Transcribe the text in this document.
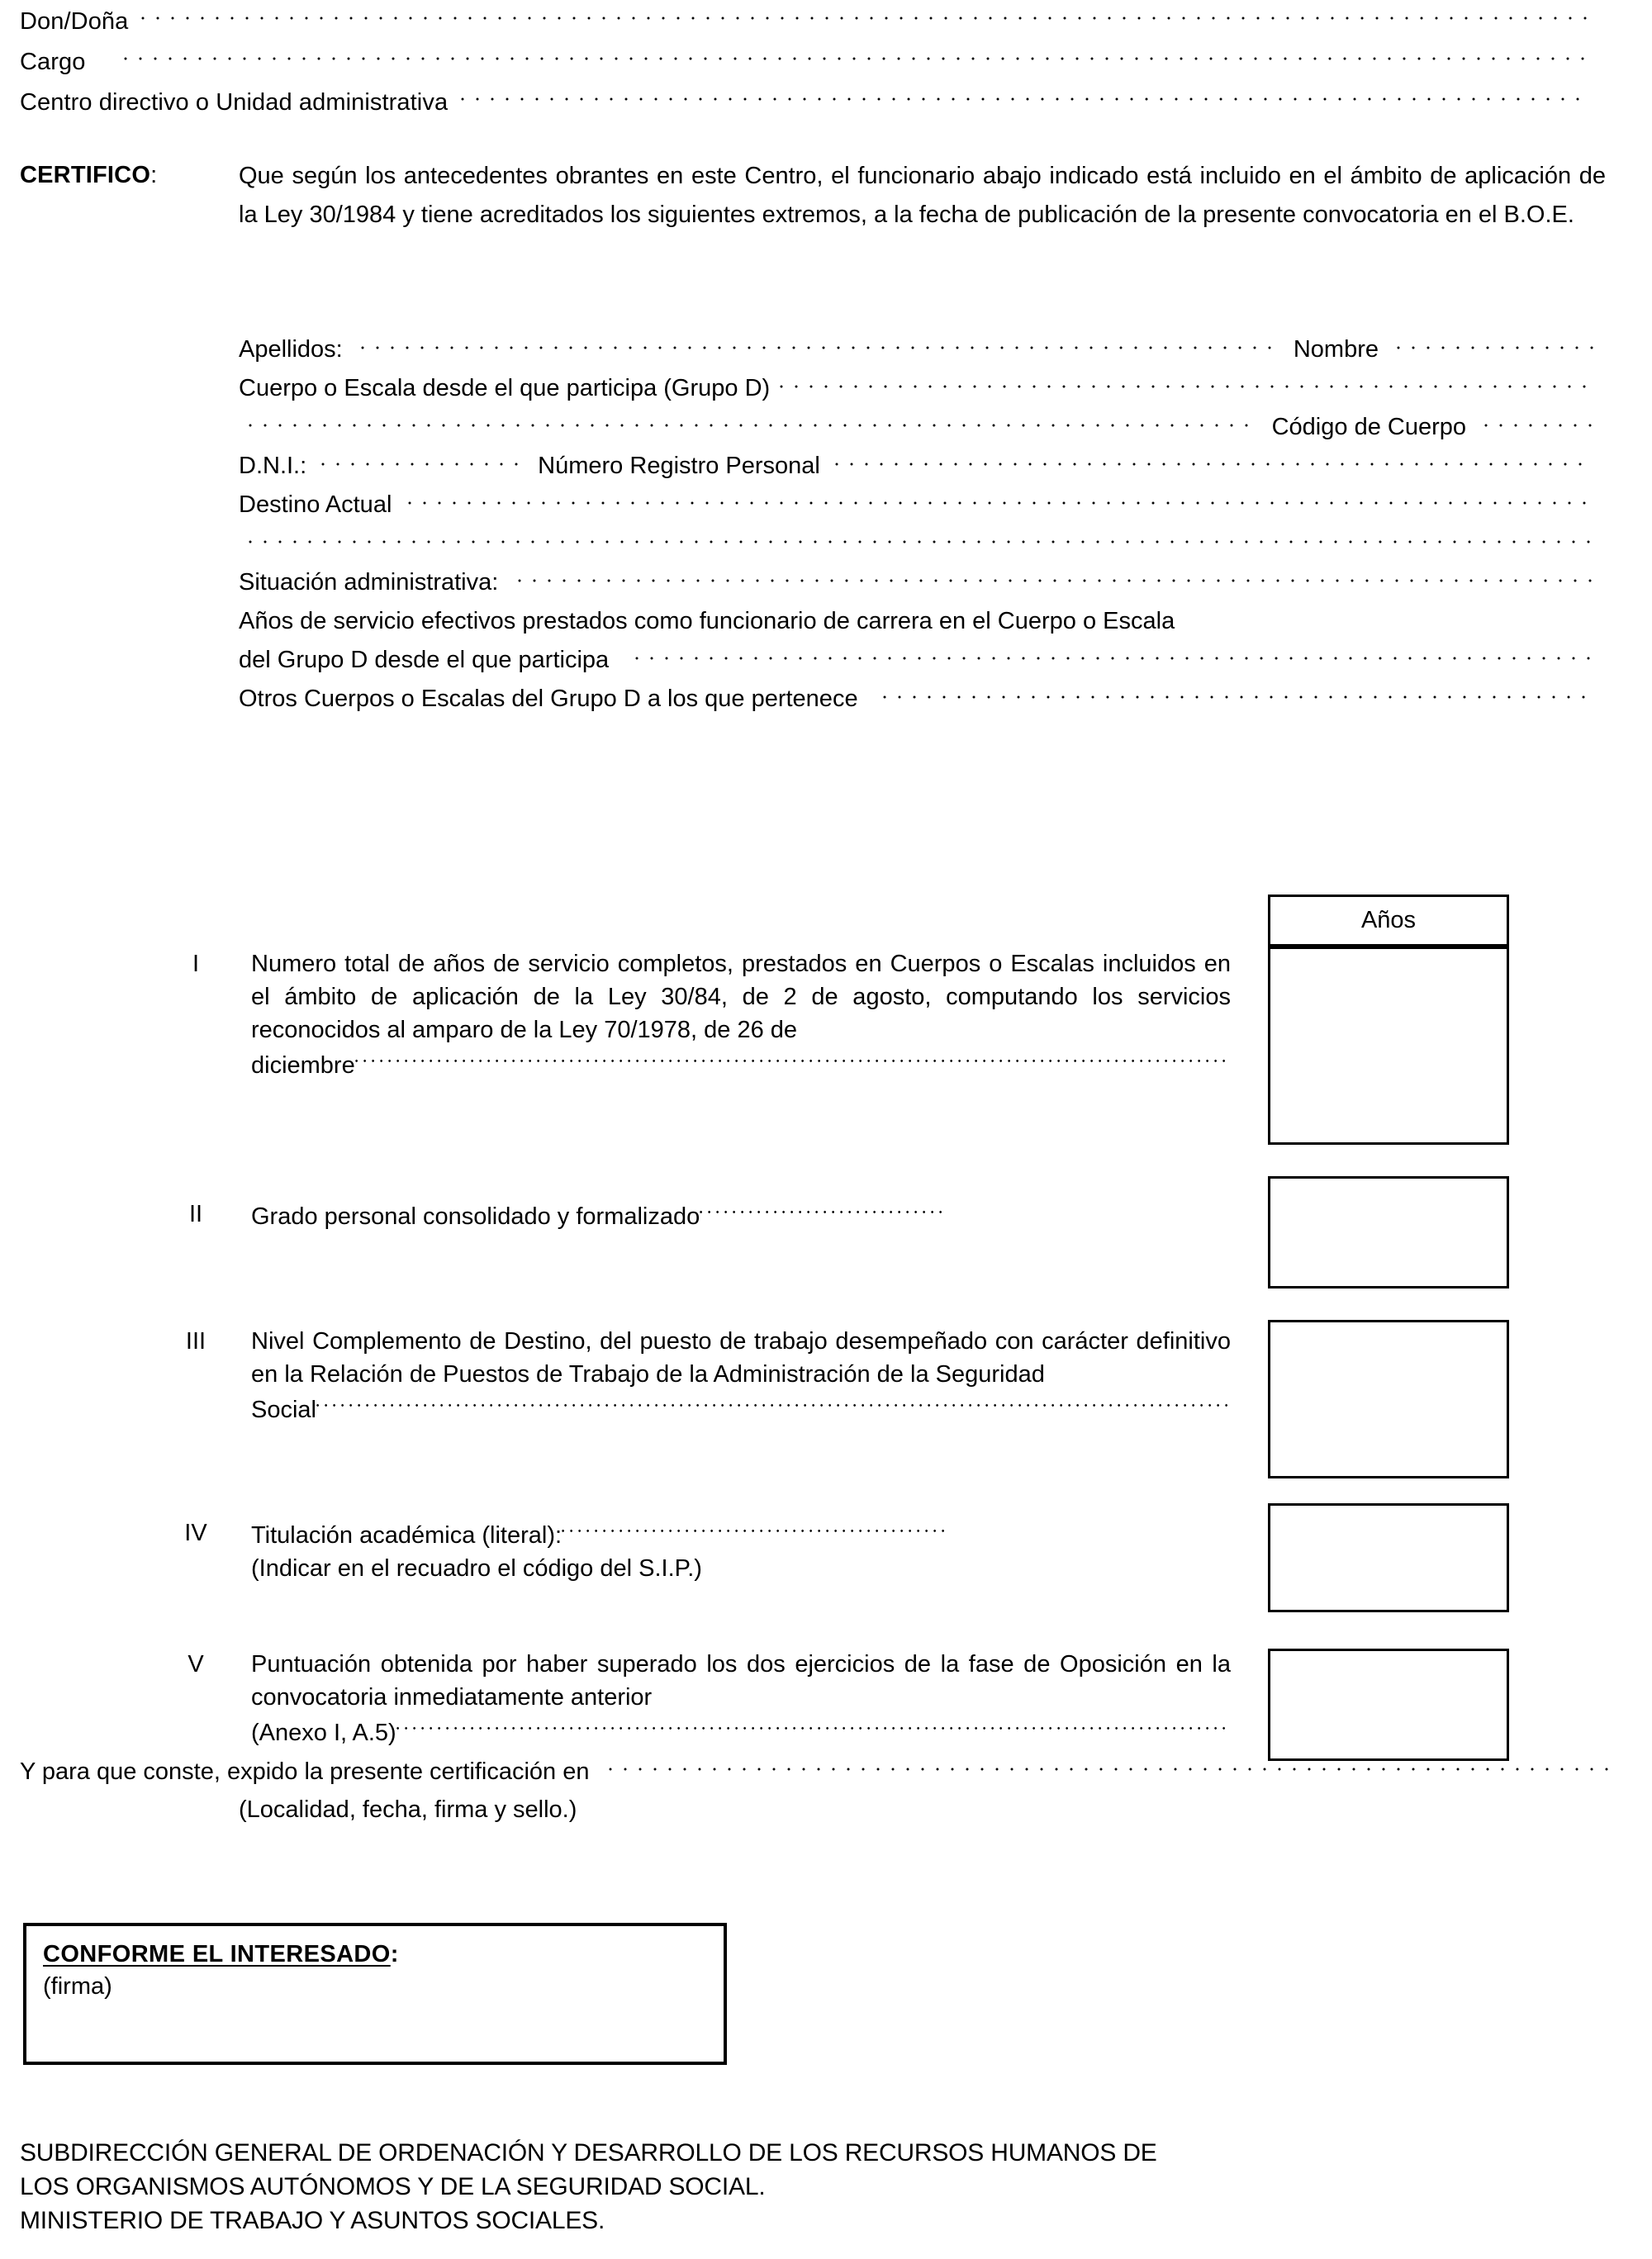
Don/Doña
Cargo
Centro directivo o Unidad administrativa
CERTIFICO:	Que según los antecedentes obrantes en este Centro, el funcionario abajo indicado está incluido en el ámbito de aplicación de la Ley 30/1984 y tiene acreditados los siguientes extremos, a la fecha de publicación de la presente convocatoria en el B.O.E.

Apellidos:	Nombre
Cuerpo o Escala desde el que participa (Grupo D)
Código de Cuerpo
D.N.I.:	Número Registro Personal
Destino Actual
Situación administrativa:
Años de servicio efectivos prestados como funcionario de carrera en el Cuerpo o Escala
del Grupo D desde el que participa
Otros Cuerpos o Escalas del Grupo D a los que pertenece
Años
I	Numero total de años de servicio completos, prestados en Cuerpos o Escalas incluidos en el ámbito de aplicación de la Ley 30/84, de 2 de agosto, computando los servicios reconocidos al amparo de la Ley 70/1978, de 26 de
diciembre
II	Grado personal consolidado y formalizado
III	Nivel Complemento de Destino, del puesto de trabajo desempeñado con carácter definitivo en la Relación de Puestos de Trabajo de la Administración de la Seguridad
Social
IV	Titulación académica (literal):
(Indicar en el recuadro el código del S.I.P.)
V	Puntuación obtenida por haber superado los dos ejercicios de la fase de Oposición en la convocatoria inmediatamente anterior
(Anexo I, A.5)
Y para que conste, expido la presente certificación en
(Localidad, fecha, firma y sello.)
CONFORME EL INTERESADO:
(firma)
SUBDIRECCIÓN GENERAL DE ORDENACIÓN Y DESARROLLO DE LOS RECURSOS HUMANOS DE
LOS ORGANISMOS AUTÓNOMOS Y DE LA SEGURIDAD SOCIAL.
MINISTERIO DE TRABAJO Y ASUNTOS SOCIALES.
